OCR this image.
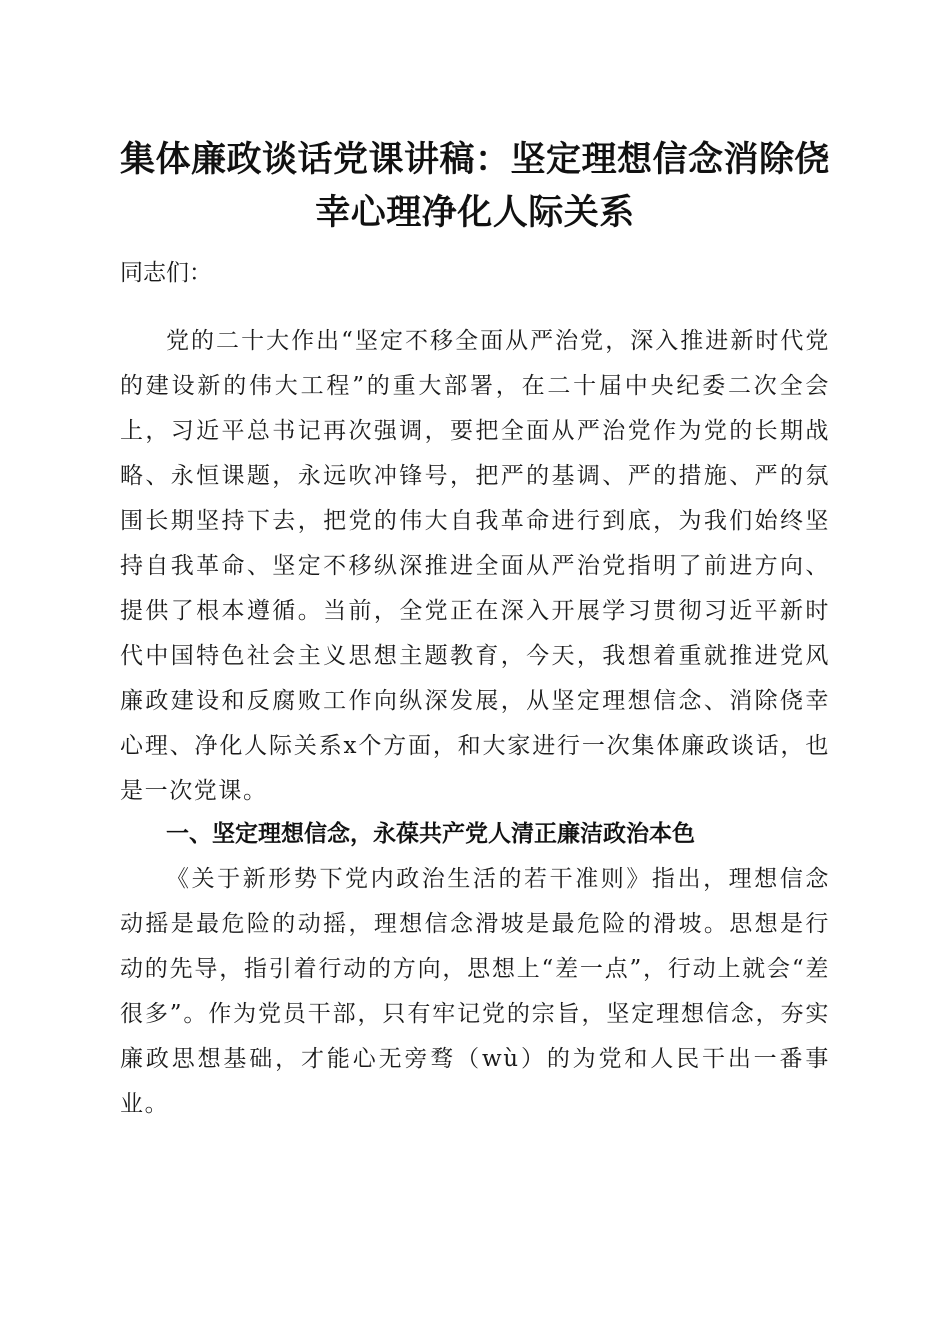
集体廉政谈话党课讲稿：坚定理想信念消除侥幸心理净化人际关系

同志们：

党的二十大作出“坚定不移全面从严治党，深入推进新时代党的建设新的伟大工程”的重大部署，在二十届中央纪委二次全会上，习近平总书记再次强调，要把全面从严治党作为党的长期战略、永恒课题，永远吹冲锋号，把严的基调、严的措施、严的氛围长期坚持下去，把党的伟大自我革命进行到底，为我们始终坚持自我革命、坚定不移纵深推进全面从严治党指明了前进方向、提供了根本遵循。当前，全党正在深入开展学习贯彻习近平新时代中国特色社会主义思想主题教育，今天，我想着重就推进党风廉政建设和反腐败工作向纵深发展，从坚定理想信念、消除侥幸心理、净化人际关系x个方面，和大家进行一次集体廉政谈话，也是一次党课。

一、坚定理想信念，永葆共产党人清正廉洁政治本色

《关于新形势下党内政治生活的若干准则》指出，理想信念动摇是最危险的动摇，理想信念滑坡是最危险的滑坡。思想是行动的先导，指引着行动的方向，思想上“差一点”，行动上就会“差很多”。作为党员干部，只有牢记党的宗旨，坚定理想信念，夯实廉政思想基础，才能心无旁骛（wù）的为党和人民干出一番事业。
